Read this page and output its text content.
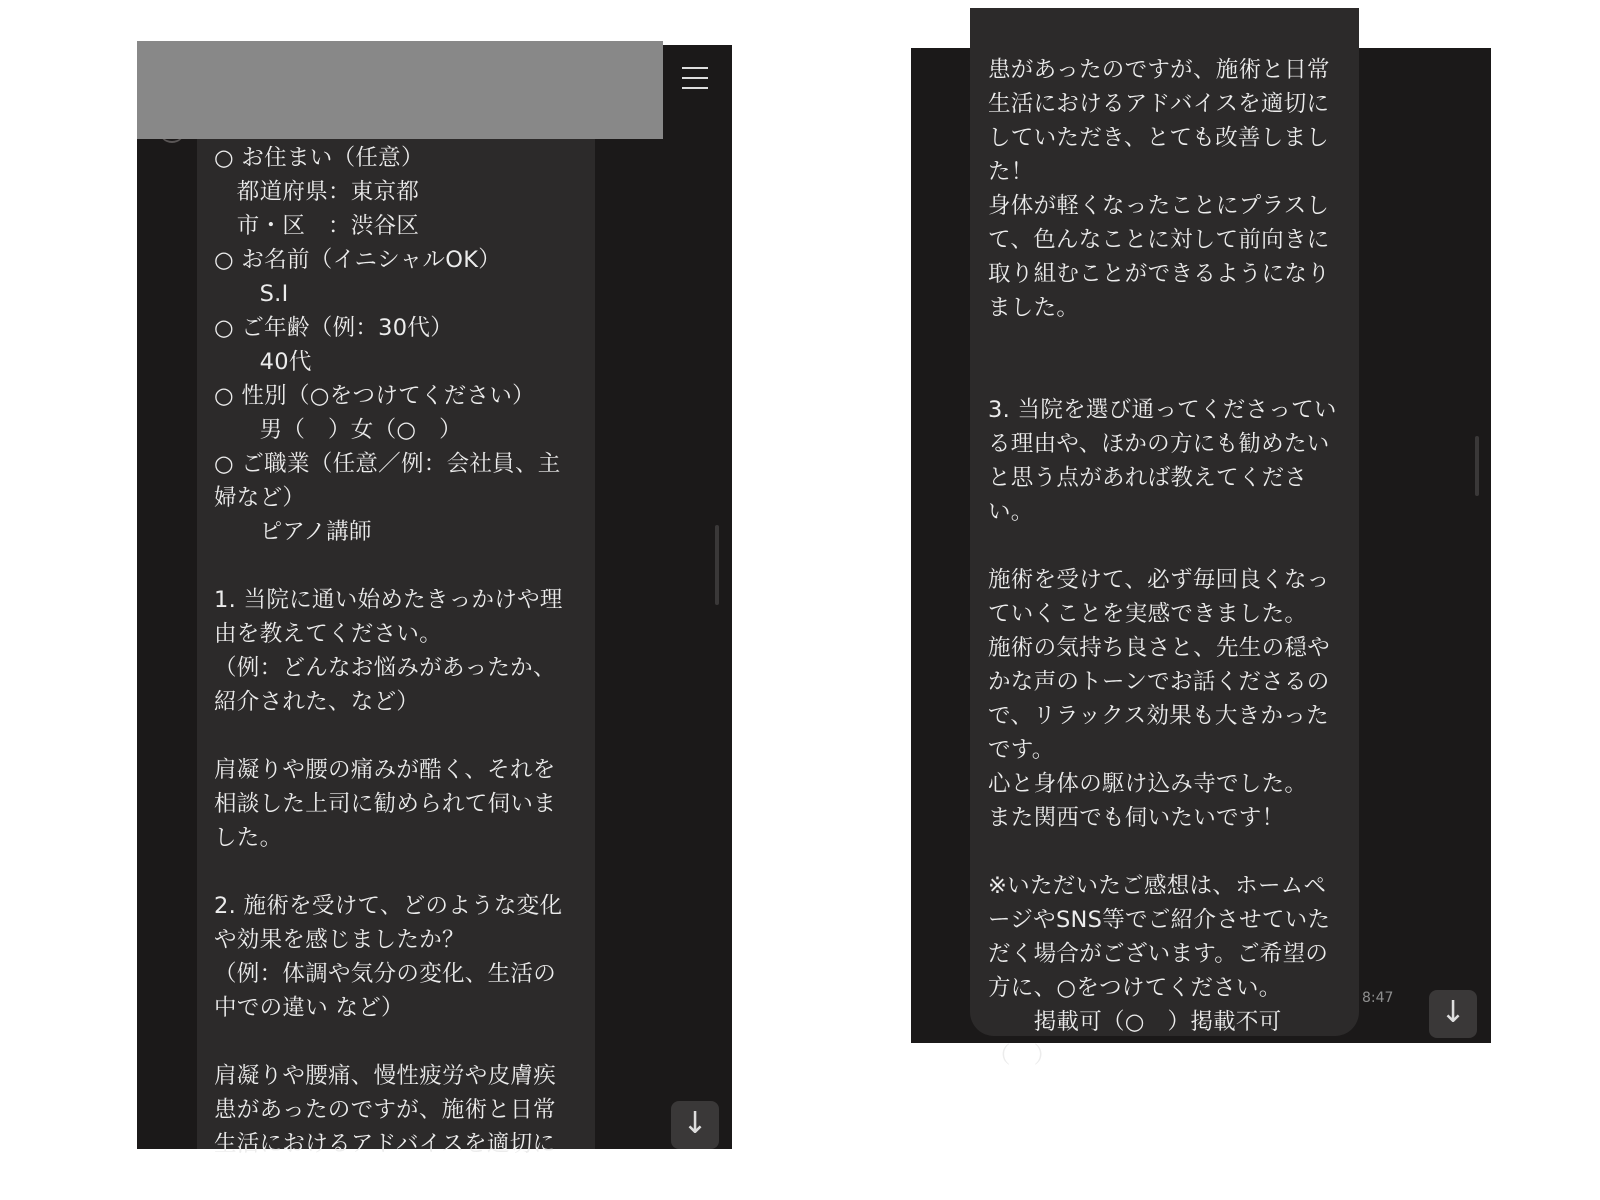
○ お住まい（任意）
　都道府県：東京都
　市・区　：渋谷区
○ お名前（イニシャルOK）
　　S.I
○ ご年齢（例：30代）
　　40代
○ 性別（○をつけてください）
　　男（　）女（○　）
○ ご職業（任意／例：会社員、主
婦など）
　　ピアノ講師

1. 当院に通い始めたきっかけや理
由を教えてください。
（例：どんなお悩みがあったか、
紹介された、など）

肩凝りや腰の痛みが酷く、それを
相談した上司に勧められて伺いま
した。

2. 施術を受けて、どのような変化
や効果を感じましたか？
（例：体調や気分の変化、生活の
中での違い など）

肩凝りや腰痛、慢性疲労や皮膚疾
患があったのですが、施術と日常
生活におけるアドバイスを適切に
↓
患があったのですが、施術と日常
生活におけるアドバイスを適切に
していただき、とても改善しまし
た！
身体が軽くなったことにプラスし
て、色んなことに対して前向きに
取り組むことができるようになり
ました。

3. 当院を選び通ってくださってい
る理由や、ほかの方にも勧めたい
と思う点があれば教えてくださ
い。

施術を受けて、必ず毎回良くなっ
ていくことを実感できました。
施術の気持ち良さと、先生の穏や
かな声のトーンでお話くださるの
で、リラックス効果も大きかった
です。
心と身体の駆け込み寺でした。
また関西でも伺いたいです！

※いただいたご感想は、ホームペ
ージやSNS等でご紹介させていた
だく場合がございます。ご希望の
方に、○をつけてください。
　　掲載可（○　）掲載不可
（　）
8:47	↓
